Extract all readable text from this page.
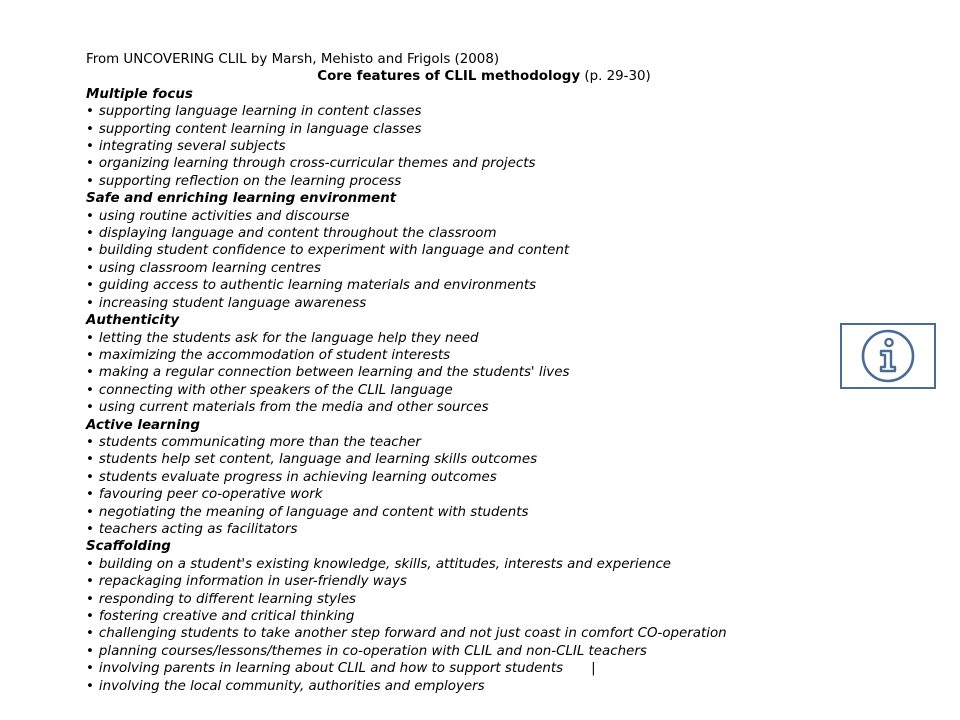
From UNCOVERING CLIL by Marsh, Mehisto and Frigols (2008)
Core features of CLIL methodology (p. 29-30)
Multiple focus
• supporting language learning in content classes
• supporting content learning in language classes
• integrating several subjects
• organizing learning through cross-curricular themes and projects
• supporting reflection on the learning process
Safe and enriching learning environment
• using routine activities and discourse
• displaying language and content throughout the classroom
• building student confidence to experiment with language and content
• using classroom learning centres
• guiding access to authentic learning materials and environments
• increasing student language awareness
Authenticity
• letting the students ask for the language help they need
• maximizing the accommodation of student interests
• making a regular connection between learning and the students' lives
• connecting with other speakers of the CLIL language
• using current materials from the media and other sources
Active learning
• students communicating more than the teacher
• students help set content, language and learning skills outcomes
• students evaluate progress in achieving learning outcomes
• favouring peer co-operative work
• negotiating the meaning of language and content with students
• teachers acting as facilitators
Scaffolding
• building on a student's existing knowledge, skills, attitudes, interests and experience
• repackaging information in user-friendly ways
• responding to different learning styles
• fostering creative and critical thinking
• challenging students to take another step forward and not just coast in comfort CO-operation
• planning courses/lessons/themes in co-operation with CLIL and non-CLIL teachers
• involving parents in learning about CLIL and how to support students |
• involving the local community, authorities and employers
